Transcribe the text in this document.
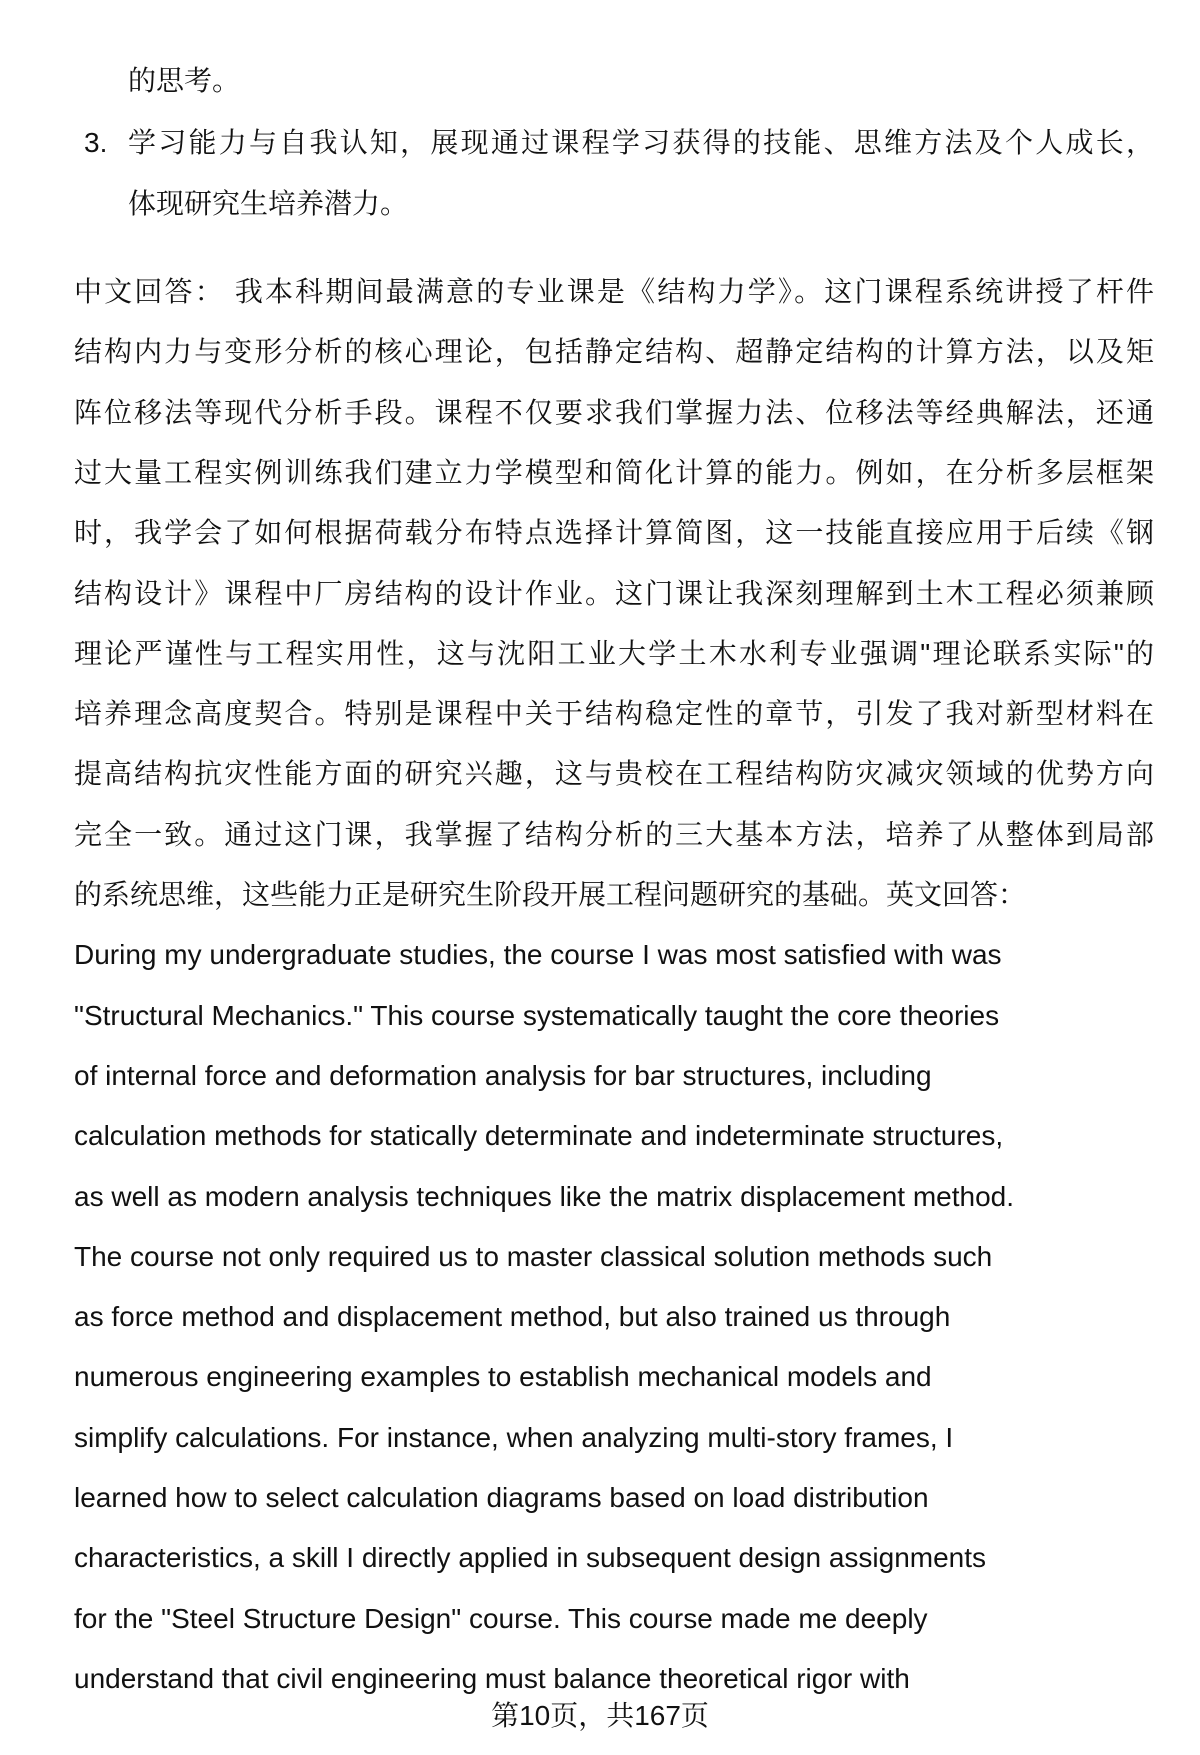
的思考。
3. 学习能力与自我认知，展现通过课程学习获得的技能、思维方法及个人成长，
体现研究生培养潜力。
中文回答： 我本科期间最满意的专业课是《结构力学》。这门课程系统讲授了杆件
结构内力与变形分析的核心理论，包括静定结构、超静定结构的计算方法，以及矩
阵位移法等现代分析手段。课程不仅要求我们掌握力法、位移法等经典解法，还通
过大量工程实例训练我们建立力学模型和简化计算的能力。例如，在分析多层框架
时，我学会了如何根据荷载分布特点选择计算简图，这一技能直接应用于后续《钢
结构设计》课程中厂房结构的设计作业。这门课让我深刻理解到土木工程必须兼顾
理论严谨性与工程实用性，这与沈阳工业大学土木水利专业强调"理论联系实际"的
培养理念高度契合。特别是课程中关于结构稳定性的章节，引发了我对新型材料在
提高结构抗灾性能方面的研究兴趣，这与贵校在工程结构防灾减灾领域的优势方向
完全一致。通过这门课，我掌握了结构分析的三大基本方法，培养了从整体到局部
的系统思维，这些能力正是研究生阶段开展工程问题研究的基础。英文回答：
During my undergraduate studies, the course I was most satisfied with was
"Structural Mechanics." This course systematically taught the core theories
of internal force and deformation analysis for bar structures, including
calculation methods for statically determinate and indeterminate structures,
as well as modern analysis techniques like the matrix displacement method.
The course not only required us to master classical solution methods such
as force method and displacement method, but also trained us through
numerous engineering examples to establish mechanical models and
simplify calculations. For instance, when analyzing multi-story frames, I
learned how to select calculation diagrams based on load distribution
characteristics, a skill I directly applied in subsequent design assignments
for the "Steel Structure Design" course. This course made me deeply
understand that civil engineering must balance theoretical rigor with
第10页，共167页
